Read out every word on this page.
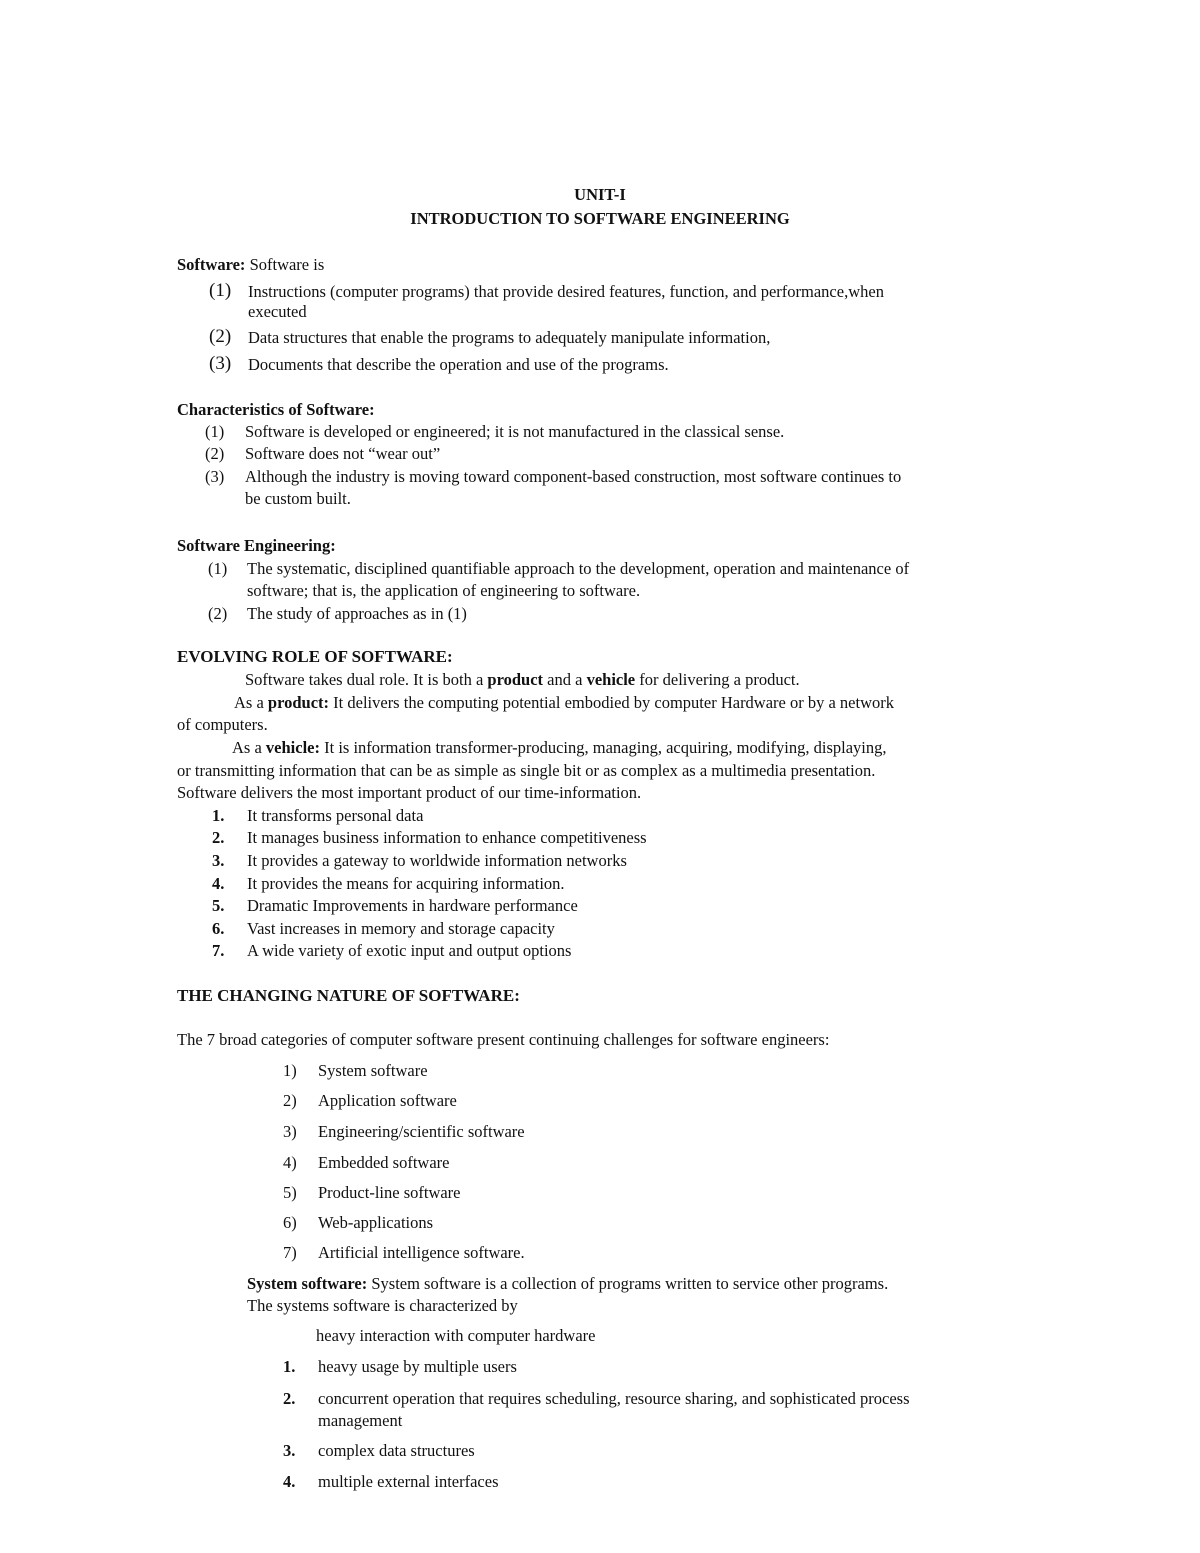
UNIT-I
INTRODUCTION TO SOFTWARE ENGINEERING
Software: Software is
(1) Instructions (computer programs) that provide desired features, function, and performance,when
executed
(2) Data structures that enable the programs to adequately manipulate information,
(3) Documents that describe the operation and use of the programs.
Characteristics of Software:
(1) Software is developed or engineered; it is not manufactured in the classical sense.
(2) Software does not “wear out”
(3) Although the industry is moving toward component-based construction, most software continues to
be custom built.
Software Engineering:
(1) The systematic, disciplined quantifiable approach to the development, operation and maintenance of
software; that is, the application of engineering to software.
(2) The study of approaches as in (1)
EVOLVING ROLE OF SOFTWARE:
Software takes dual role. It is both a product and a vehicle for delivering a product.
As a product: It delivers the computing potential embodied by computer Hardware or by a network
of computers.
As a vehicle: It is information transformer-producing, managing, acquiring, modifying, displaying,
or transmitting information that can be as simple as single bit or as complex as a multimedia presentation.
Software delivers the most important product of our time-information.
1. It transforms personal data
2. It manages business information to enhance competitiveness
3. It provides a gateway to worldwide information networks
4. It provides the means for acquiring information.
5. Dramatic Improvements in hardware performance
6. Vast increases in memory and storage capacity
7. A wide variety of exotic input and output options
THE CHANGING NATURE OF SOFTWARE:
The 7 broad categories of computer software present continuing challenges for software engineers:
1) System software
2) Application software
3) Engineering/scientific software
4) Embedded software
5) Product-line software
6) Web-applications
7) Artificial intelligence software.
System software: System software is a collection of programs written to service other programs.
The systems software is characterized by
heavy interaction with computer hardware
1. heavy usage by multiple users
2. concurrent operation that requires scheduling, resource sharing, and sophisticated process
management
3. complex data structures
4. multiple external interfaces
